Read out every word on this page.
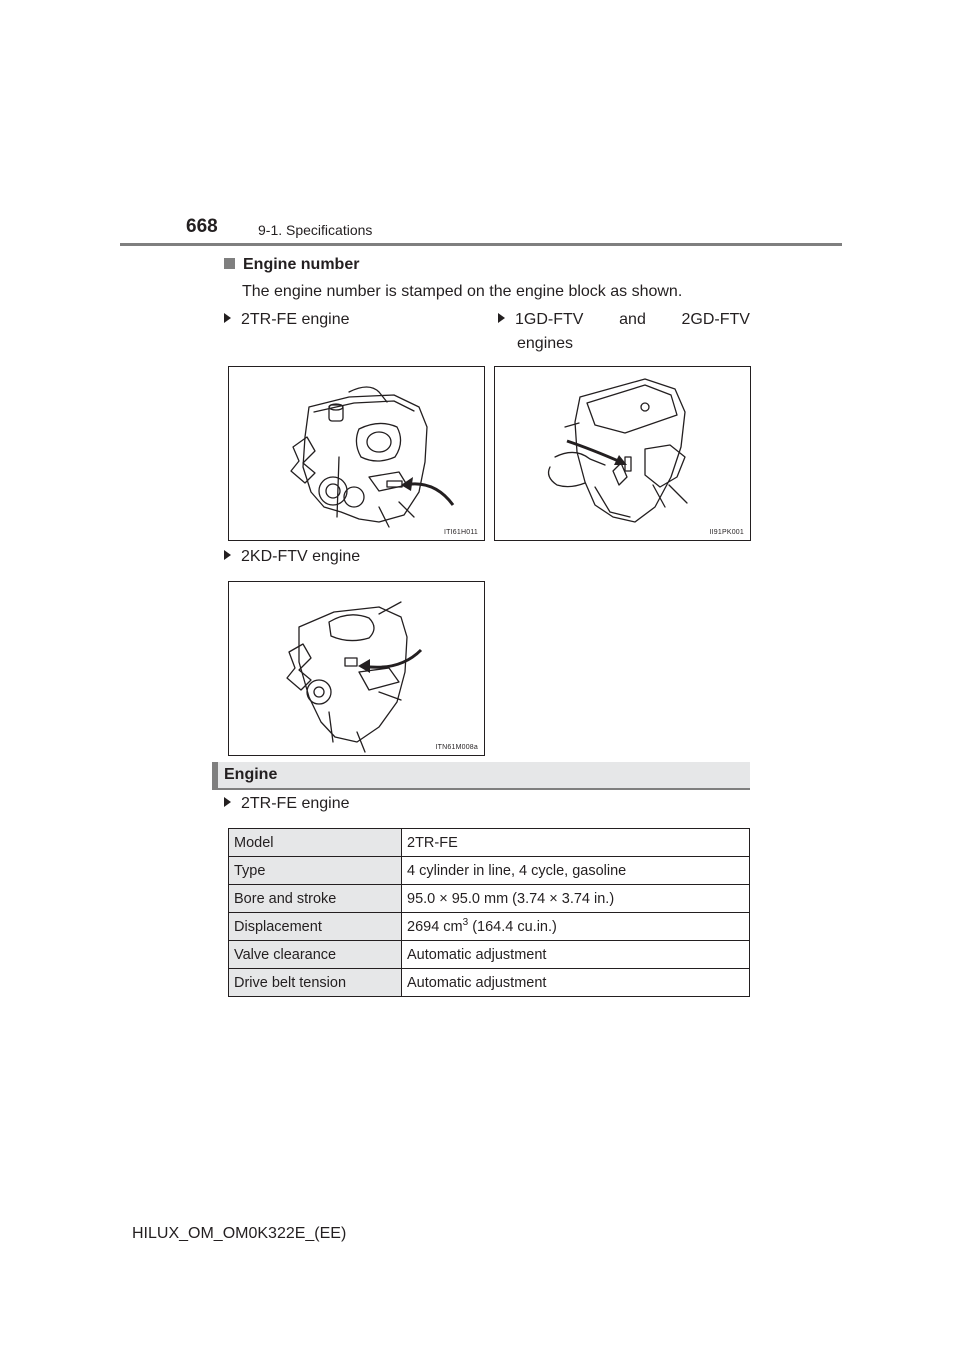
668	9-1. Specifications
Engine number
The engine number is stamped on the engine block as shown.
2TR-FE engine	1GD-FTV and 2GD-FTV
engines
ITI61H011	II91PK001
2KD-FTV engine
ITN61M008a
Engine
2TR-FE engine
Model	2TR-FE
Type	4 cylinder in line, 4 cycle, gasoline
Bore and stroke	95.0 × 95.0 mm (3.74 × 3.74 in.)
Displacement	2694 $cm^3$ (164.4 cu.in.)
Valve clearance	Automatic adjustment
Drive belt tension	Automatic adjustment
HILUX_OM_OM0K322E_(EE)
